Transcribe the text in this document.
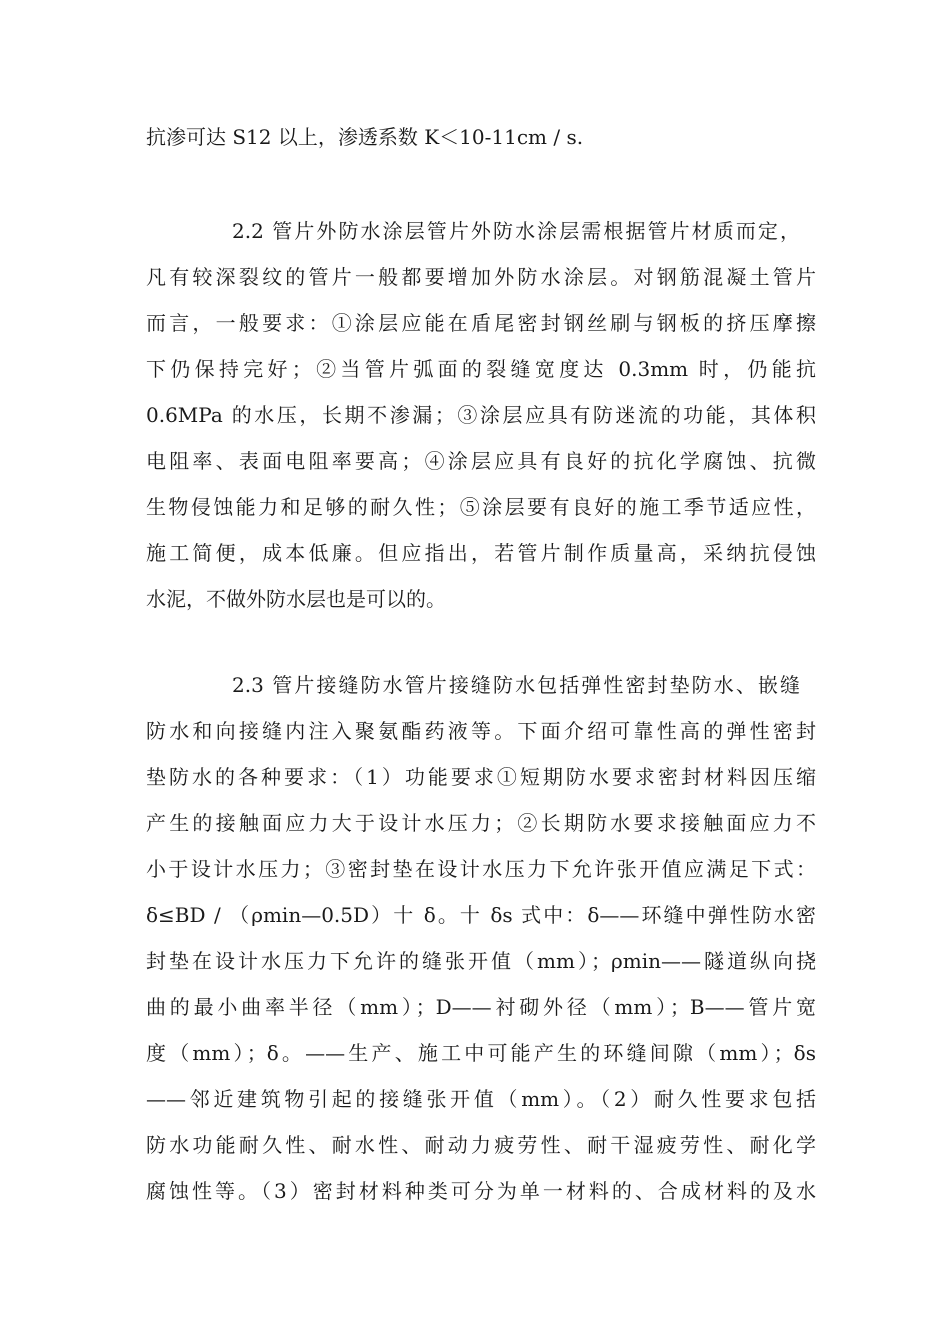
抗渗可达 S12 以上，渗透系数 K＜10-11cm / s.
2.2 管片外防水涂层管片外防水涂层需根据管片材质而定，
凡有较深裂纹的管片一般都要增加外防水涂层。对钢筋混凝土管片
而言，一般要求：①涂层应能在盾尾密封钢丝刷与钢板的挤压摩擦
下仍保持完好；②当管片弧面的裂缝宽度达 0.3mm 时，仍能抗
0.6MPa 的水压，长期不渗漏；③涂层应具有防迷流的功能，其体积
电阻率、表面电阻率要高；④涂层应具有良好的抗化学腐蚀、抗微
生物侵蚀能力和足够的耐久性；⑤涂层要有良好的施工季节适应性，
施工简便，成本低廉。但应指出，若管片制作质量高，采纳抗侵蚀
水泥，不做外防水层也是可以的。
2.3 管片接缝防水管片接缝防水包括弹性密封垫防水、嵌缝
防水和向接缝内注入聚氨酯药液等。下面介绍可靠性高的弹性密封
垫防水的各种要求：（1）功能要求①短期防水要求密封材料因压缩
产生的接触面应力大于设计水压力；②长期防水要求接触面应力不
小于设计水压力；③密封垫在设计水压力下允许张开值应满足下式：
δ≤BD / （ρmin—0.5D）十 δ。十 δs 式中：δ——环缝中弹性防水密
封垫在设计水压力下允许的缝张开值（mm）；ρmin——隧道纵向挠
曲的最小曲率半径（mm）；D——衬砌外径（mm）；B——管片宽
度（mm）；δ。——生产、施工中可能产生的环缝间隙（mm）；δs
——邻近建筑物引起的接缝张开值（mm）。（2）耐久性要求包括
防水功能耐久性、耐水性、耐动力疲劳性、耐干湿疲劳性、耐化学
腐蚀性等。（3）密封材料种类可分为单一材料的、合成材料的及水
